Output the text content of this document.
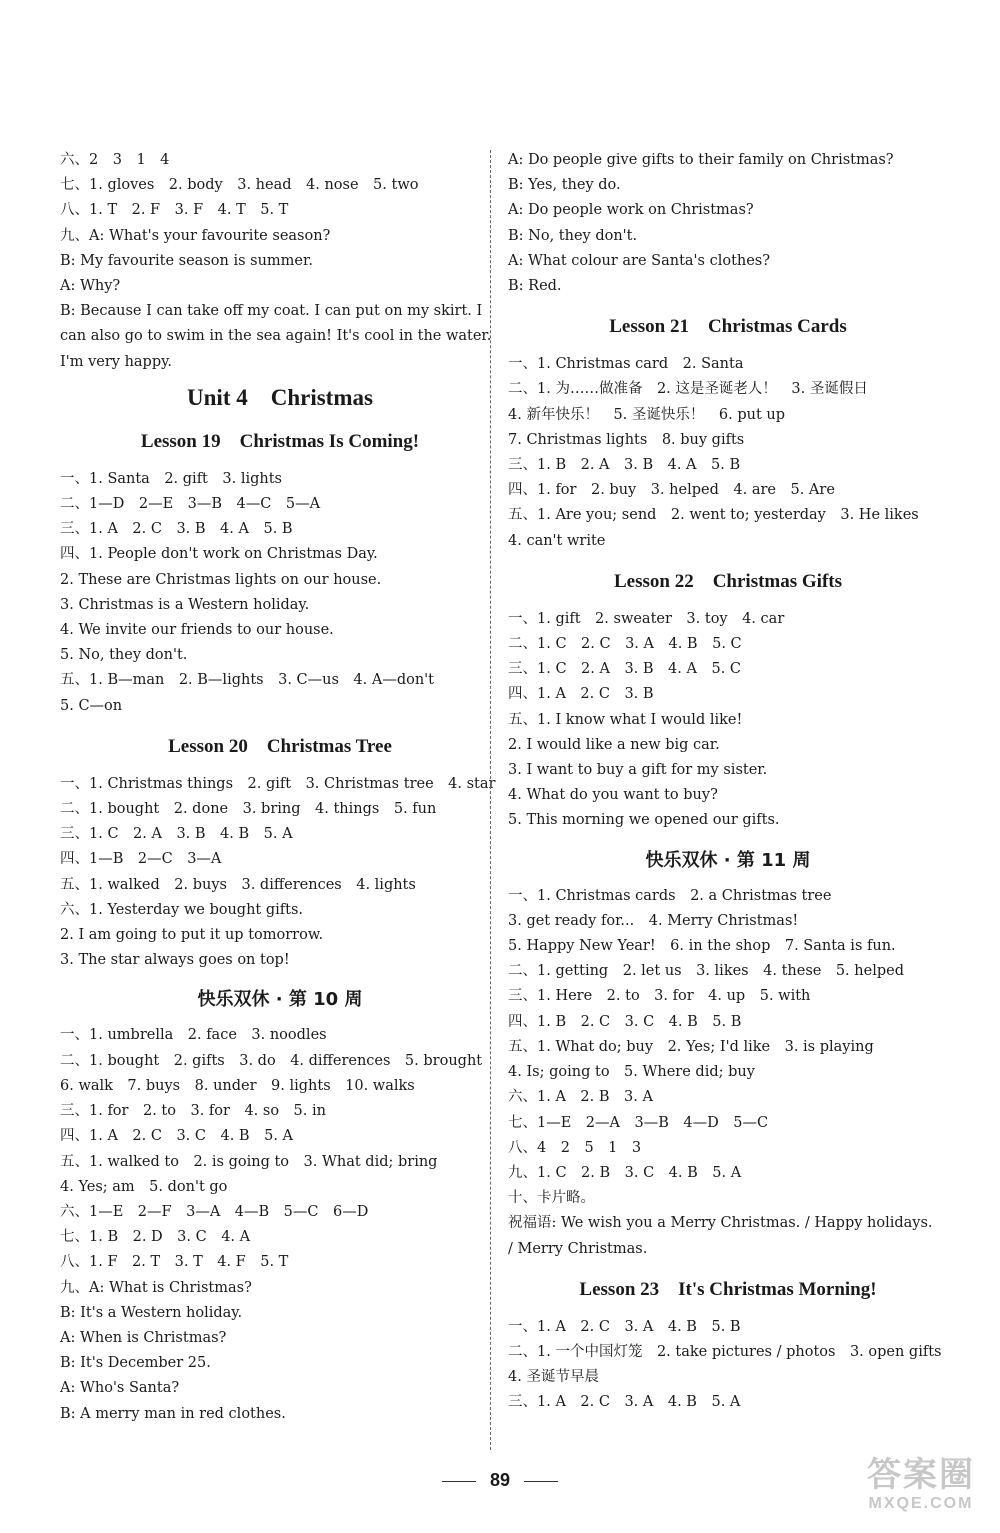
六、2　3　1　4
七、1. gloves　2. body　3. head　4. nose　5. two
八、1. T　2. F　3. F　4. T　5. T
九、A: What's your favourite season?
B: My favourite season is summer.
A: Why?
B: Because I can take off my coat. I can put on my skirt. I can also go to swim in the sea again! It's cool in the water. I'm very happy.
Unit 4　Christmas
Lesson 19　Christmas Is Coming!
一、1. Santa　2. gift　3. lights
二、1—D　2—E　3—B　4—C　5—A
三、1. A　2. C　3. B　4. A　5. B
四、1. People don't work on Christmas Day.
2. These are Christmas lights on our house.
3. Christmas is a Western holiday.
4. We invite our friends to our house.
5. No, they don't.
五、1. B—man　2. B—lights　3. C—us　4. A—don't
5. C—on
Lesson 20　Christmas Tree
一、1. Christmas things　2. gift　3. Christmas tree　4. star
二、1. bought　2. done　3. bring　4. things　5. fun
三、1. C　2. A　3. B　4. B　5. A
四、1—B　2—C　3—A
五、1. walked　2. buys　3. differences　4. lights
六、1. Yesterday we bought gifts.
2. I am going to put it up tomorrow.
3. The star always goes on top!
快乐双休 · 第 10 周
一、1. umbrella　2. face　3. noodles
二、1. bought　2. gifts　3. do　4. differences　5. brought
6. walk　7. buys　8. under　9. lights　10. walks
三、1. for　2. to　3. for　4. so　5. in
四、1. A　2. C　3. C　4. B　5. A
五、1. walked to　2. is going to　3. What did; bring
4. Yes; am　5. don't go
六、1—E　2—F　3—A　4—B　5—C　6—D
七、1. B　2. D　3. C　4. A
八、1. F　2. T　3. T　4. F　5. T
九、A: What is Christmas?
B: It's a Western holiday.
A: When is Christmas?
B: It's December 25.
A: Who's Santa?
B: A merry man in red clothes.
A: Do people give gifts to their family on Christmas?
B: Yes, they do.
A: Do people work on Christmas?
B: No, they don't.
A: What colour are Santa's clothes?
B: Red.
Lesson 21　Christmas Cards
一、1. Christmas card　2. Santa
二、1. 为……做准备　2. 这是圣诞老人！　3. 圣诞假日
4. 新年快乐！　5. 圣诞快乐！　6. put up
7. Christmas lights　8. buy gifts
三、1. B　2. A　3. B　4. A　5. B
四、1. for　2. buy　3. helped　4. are　5. Are
五、1. Are you; send　2. went to; yesterday　3. He likes
4. can't write
Lesson 22　Christmas Gifts
一、1. gift　2. sweater　3. toy　4. car
二、1. C　2. C　3. A　4. B　5. C
三、1. C　2. A　3. B　4. A　5. C
四、1. A　2. C　3. B
五、1. I know what I would like!
2. I would like a new big car.
3. I want to buy a gift for my sister.
4. What do you want to buy?
5. This morning we opened our gifts.
快乐双休 · 第 11 周
一、1. Christmas cards　2. a Christmas tree
3. get ready for...　4. Merry Christmas!
5. Happy New Year!　6. in the shop　7. Santa is fun.
二、1. getting　2. let us　3. likes　4. these　5. helped
三、1. Here　2. to　3. for　4. up　5. with
四、1. B　2. C　3. C　4. B　5. B
五、1. What do; buy　2. Yes; I'd like　3. is playing
4. Is; going to　5. Where did; buy
六、1. A　2. B　3. A
七、1—E　2—A　3—B　4—D　5—C
八、4　2　5　1　3
九、1. C　2. B　3. C　4. B　5. A
十、卡片略。
祝福语: We wish you a Merry Christmas. / Happy holidays.
/ Merry Christmas.
Lesson 23　It's Christmas Morning!
一、1. A　2. C　3. A　4. B　5. B
二、1. 一个中国灯笼　2. take pictures / photos　3. open gifts
4. 圣诞节早晨
三、1. A　2. C　3. A　4. B　5. A
89	答案圈
MXQE.COM
